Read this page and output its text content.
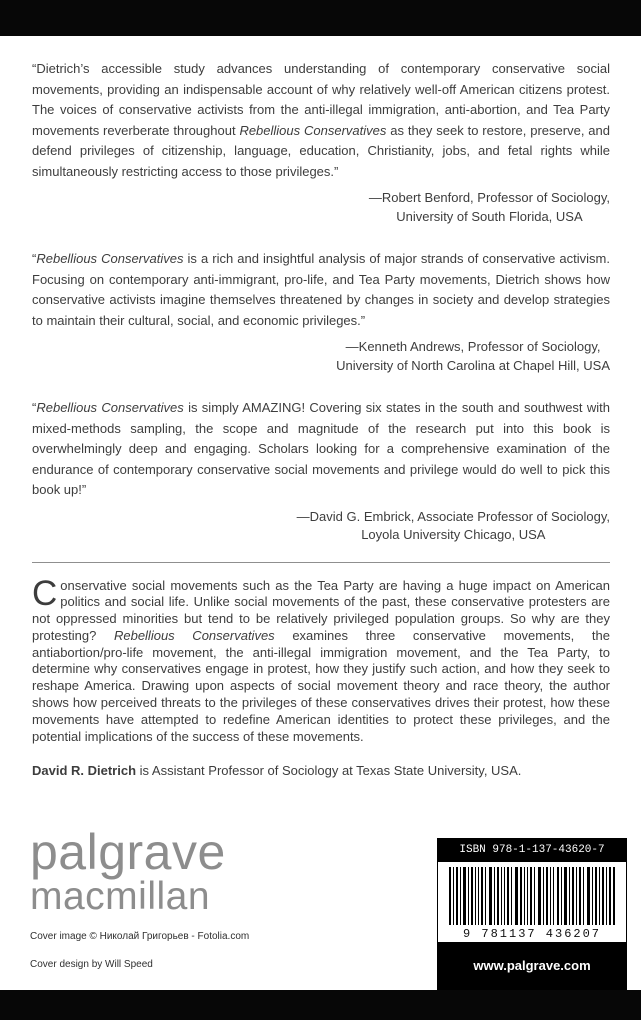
“Dietrich’s accessible study advances understanding of contemporary conservative social movements, providing an indispensable account of why relatively well-off American citizens protest. The voices of conservative activists from the anti-illegal immigration, anti-abortion, and Tea Party movements reverberate throughout Rebellious Conservatives as they seek to restore, preserve, and defend privileges of citizenship, language, education, Christianity, jobs, and fetal rights while simultaneously restricting access to those privileges.”

—Robert Benford, Professor of Sociology,
University of South Florida, USA

“Rebellious Conservatives is a rich and insightful analysis of major strands of conservative activism. Focusing on contemporary anti-immigrant, pro-life, and Tea Party movements, Dietrich shows how conservative activists imagine themselves threatened by changes in society and develop strategies to maintain their cultural, social, and economic privileges.”

—Kenneth Andrews, Professor of Sociology,
University of North Carolina at Chapel Hill, USA

“Rebellious Conservatives is simply AMAZING! Covering six states in the south and southwest with mixed-methods sampling, the scope and magnitude of the research put into this book is overwhelmingly deep and engaging. Scholars looking for a comprehensive examination of the endurance of contemporary conservative social movements and privilege would do well to pick this book up!”

—David G. Embrick, Associate Professor of Sociology,
Loyola University Chicago, USA

Conservative social movements such as the Tea Party are having a huge impact on American politics and social life. Unlike social movements of the past, these conservative protesters are not oppressed minorities but tend to be relatively privileged population groups. So why are they protesting? Rebellious Conservatives examines three conservative movements, the antiabortion/pro-life movement, the anti-illegal immigration movement, and the Tea Party, to determine why conservatives engage in protest, how they justify such action, and how they seek to reshape America. Drawing upon aspects of social movement theory and race theory, the author shows how perceived threats to the privileges of these conservatives drives their protest, how these movements have attempted to redefine American identities to protect these privileges, and the potential implications of the success of these movements.

David R. Dietrich is Assistant Professor of Sociology at Texas State University, USA.

palgrave
macmillan
Cover image © Николай Григорьев - Fotolia.com
Cover design by Will Speed
ISBN 978-1-137-43620-7
9 781137 436207
www.palgrave.com
